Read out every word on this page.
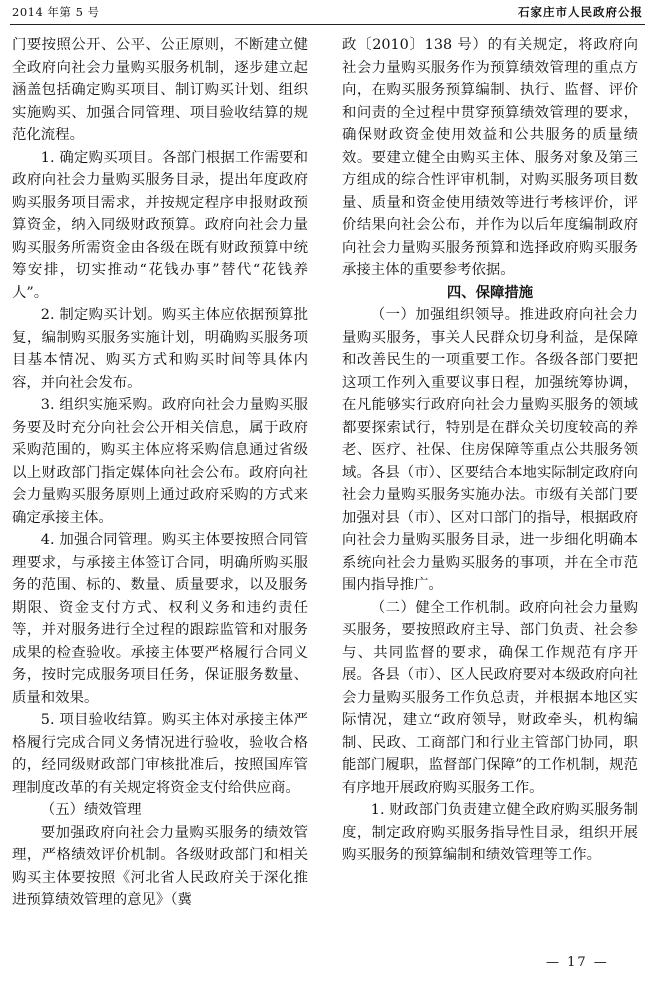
2014 年第 5 号	石家庄市人民政府公报

门要按照公开、公平、公正原则，不断建立健全政府向社会力量购买服务机制，逐步建立起涵盖包括确定购买项目、制订购买计划、组织实施购买、加强合同管理、项目验收结算的规范化流程。

1. 确定购买项目。各部门根据工作需要和政府向社会力量购买服务目录，提出年度政府购买服务项目需求，并按规定程序申报财政预算资金，纳入同级财政预算。政府向社会力量购买服务所需资金由各级在既有财政预算中统筹安排，切实推动“花钱办事”替代“花钱养人”。

2. 制定购买计划。购买主体应依据预算批复，编制购买服务实施计划，明确购买服务项目基本情况、购买方式和购买时间等具体内容，并向社会发布。

3. 组织实施采购。政府向社会力量购买服务要及时充分向社会公开相关信息，属于政府采购范围的，购买主体应将采购信息通过省级以上财政部门指定媒体向社会公布。政府向社会力量购买服务原则上通过政府采购的方式来确定承接主体。

4. 加强合同管理。购买主体要按照合同管理要求，与承接主体签订合同，明确所购买服务的范围、标的、数量、质量要求，以及服务期限、资金支付方式、权利义务和违约责任等，并对服务进行全过程的跟踪监管和对服务成果的检查验收。承接主体要严格履行合同义务，按时完成服务项目任务，保证服务数量、质量和效果。

5. 项目验收结算。购买主体对承接主体严格履行完成合同义务情况进行验收，验收合格的，经同级财政部门审核批准后，按照国库管理制度改革的有关规定将资金支付给供应商。

（五）绩效管理

要加强政府向社会力量购买服务的绩效管理，严格绩效评价机制。各级财政部门和相关购买主体要按照《河北省人民政府关于深化推进预算绩效管理的意见》（冀

政〔2010〕138 号）的有关规定，将政府向社会力量购买服务作为预算绩效管理的重点方向，在购买服务预算编制、执行、监督、评价和问责的全过程中贯穿预算绩效管理的要求，确保财政资金使用效益和公共服务的质量绩效。要建立健全由购买主体、服务对象及第三方组成的综合性评审机制，对购买服务项目数量、质量和资金使用绩效等进行考核评价，评价结果向社会公布，并作为以后年度编制政府向社会力量购买服务预算和选择政府购买服务承接主体的重要参考依据。

四、保障措施

（一）加强组织领导。推进政府向社会力量购买服务，事关人民群众切身利益，是保障和改善民生的一项重要工作。各级各部门要把这项工作列入重要议事日程，加强统筹协调，在凡能够实行政府向社会力量购买服务的领域都要探索试行，特别是在群众关切度较高的养老、医疗、社保、住房保障等重点公共服务领域。各县（市）、区要结合本地实际制定政府向社会力量购买服务实施办法。市级有关部门要加强对县（市）、区对口部门的指导，根据政府向社会力量购买服务目录，进一步细化明确本系统向社会力量购买服务的事项，并在全市范围内指导推广。

（二）健全工作机制。政府向社会力量购买服务，要按照政府主导、部门负责、社会参与、共同监督的要求，确保工作规范有序开展。各县（市）、区人民政府要对本级政府向社会力量购买服务工作负总责，并根据本地区实际情况，建立“政府领导，财政牵头，机构编制、民政、工商部门和行业主管部门协同，职能部门履职，监督部门保障”的工作机制，规范有序地开展政府购买服务工作。

1. 财政部门负责建立健全政府购买服务制度，制定政府购买服务指导性目录，组织开展购买服务的预算编制和绩效管理等工作。

— 17 —
